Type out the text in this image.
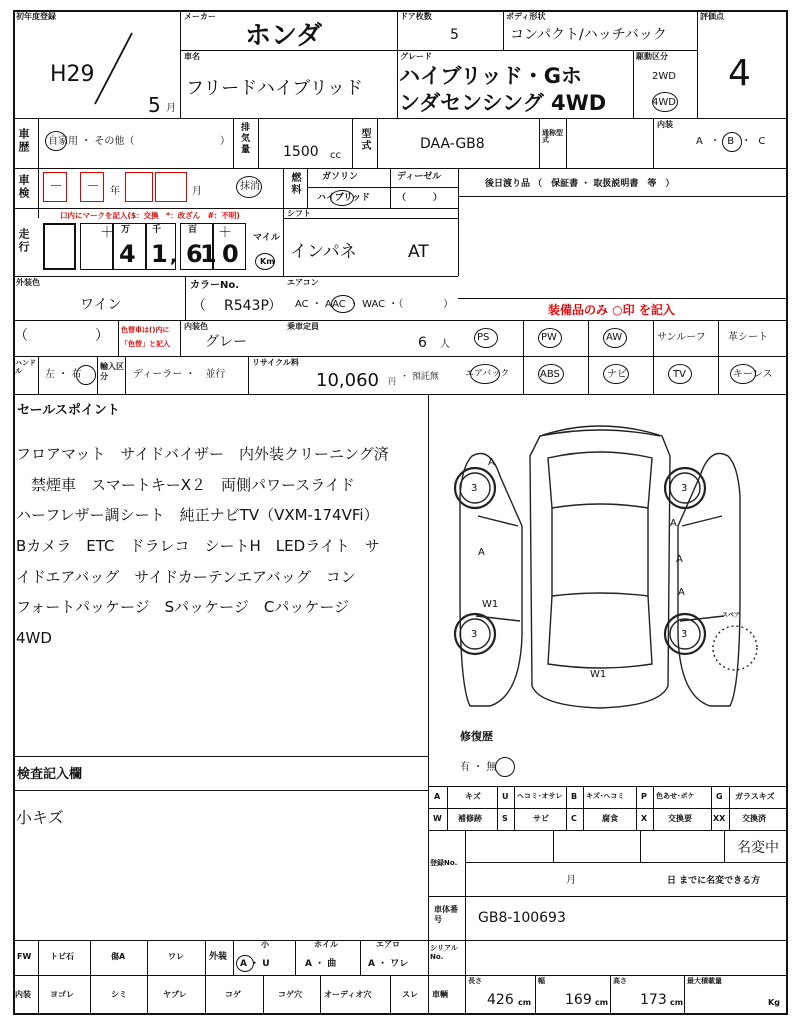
初年度登録
H29
5 月
メーカー
ホンダ
ドア枚数
5
ボディ形状
コンパクト/ハッチバック
評価点
4
車名
フリードハイブリッド
グレード
ハイブリッド・Gホ
ンダセンシング 4WD
駆動区分
2WD
4WD
車歴 自家用 ・ その他（	） 排気量 1500 cc
型式	DAA-GB8
通称型式
内装
A ・ B ・ C
車検 － － 年	月	抹消	燃料 ガソリン	ディーゼル
ハイブリッド	（　　　）
後日渡り品 （　保証書 ・ 取扱説明書　等　）
走行
口内にマークを記入($：交換　*：改ざん　#：不明)
＋ 万 千	百 ＋
4 1 , 6 0
1
マイル
Km
シフト
インパネ	AT
外装色
ワイン
カラーNo.
（ R543P ）
エアコン
AC ・ AAC ・ WAC ・（　　　　）	装備品のみ ○印 を記入
（	） 色替車は()内に
「色替」と記入
内装色
グレー
乗車定員
6 人
PS	PW	AW	サンルーフ 革シート
エアバック	ABS	ナビ	TV	キーレス
ハンドル	左 ・ 右
輸入区分	ディーラー ・　並行
リサイクル料
10,060 円 ・ 預託無
セールスポイント
フロアマット　サイドバイザー　内外装クリーニング済
　禁煙車　スマートキーX２　両側パワースライド
ハーフレザー調シート　純正ナビTV（VXM-174VFi）
Bカメラ　ETC　ドラレコ　シートH　LEDライト　サ
イドエアバッグ　サイドカーテンエアバッグ　コン
フォートパッケージ　Sパッケージ　Cパッケージ
4WD
A
3	3
A
A
W1
A
A
3	3
W1
スペア
修復歴
有 ・ 無
検査記入欄
小キズ
A	キズ	U ヘコミ･オサレ B キズ･ヘコミ P 色あせ･ボケ	G ガラスキズ
W 補修跡	S	サビ	C	腐食	X	交換要	XX 交換済
登録No.
名変中
月	日 までに名変できる方
車体番号	GB8-100693
FW トビ石	傷A	ワレ	外装
小
A ・ U
ホイル
A ・ 曲
エアロ
A ・ ワレ
シリアルNo.
内装 ヨゴレ	シミ	ヤブレ	コゲ	コゲ穴	オーディオ穴	スレ 車輌
長さ
426 cm
幅
169 cm
高さ
173 cm
最大積載量
Kg
